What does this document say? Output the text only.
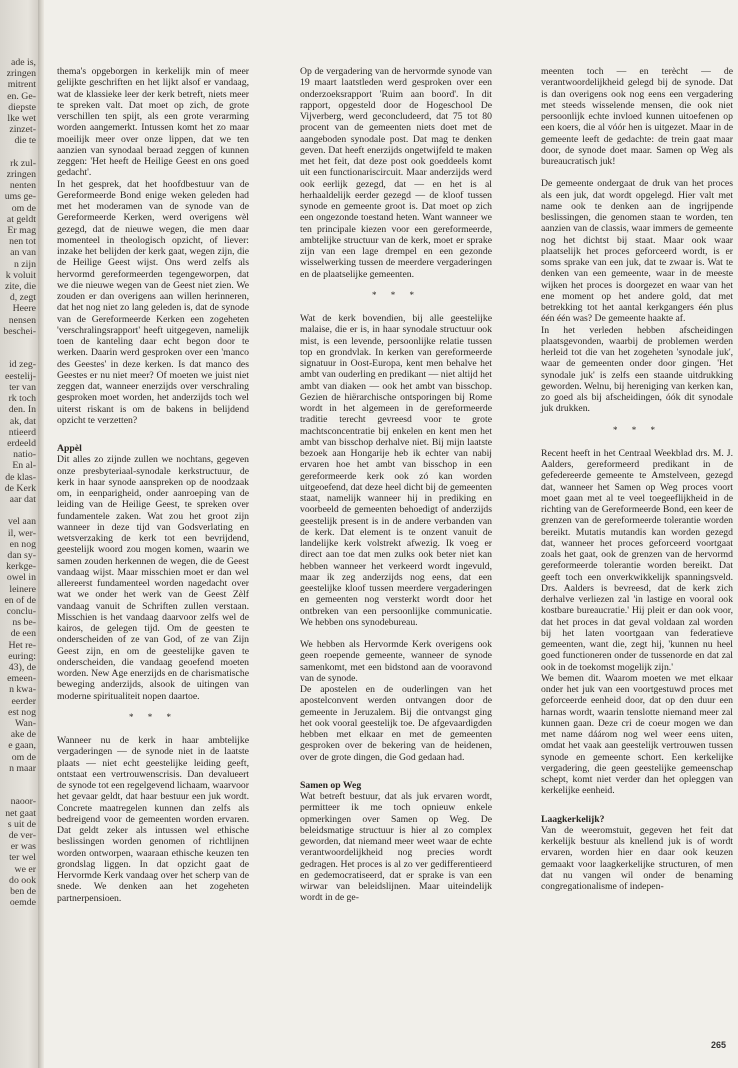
ade is,
zringen
mitrent
en. Ge-
diepste
lke wet
zinzet-
die te

rk zul-
zringen
nenten
ums ge-
om de
at geldt
Er mag
nen tot
an van
n zijn
k voluit
zite, die
d, zegt
Heere
nensen
beschei-

id zeg-
eestelij-
ter van
rk toch
den. In
ak, dat
ntieerd
erdeeld
natio-
En al-
de klas-
de Kerk
aar dat

vel aan
il, wer-
en nog
dan sy-
kerkge-
owel in
leinere
en of de
conclu-
ns be-
de een
Het re-
euring:
43), de
emeen-
n kwa-
eerder
est nog
Wan-
ake de
e gaan,
om de
n maar

naoor-
net gaat
s uit de
de ver-
er was
ter wel
we er
do ook
ben de
oemde

thema's opgeborgen in kerkelijk min of meer gelijkte geschriften en het lijkt alsof er vandaag, wat de klassieke leer der kerk betreft, niets meer te spreken valt. Dat moet op zich, de grote verschillen ten spijt, als een grote verarming worden aangemerkt. Intussen komt het zo maar moeilijk meer over onze lippen, dat we ten aanzien van synodaal beraad zeggen of kunnen zeggen: 'Het heeft de Heilige Geest en ons goed gedacht'.

In het gesprek, dat het hoofdbestuur van de Gereformeerde Bond enige weken geleden had met het moderamen van de synode van de Gereformeerde Kerken, werd overigens wèl gezegd, dat de nieuwe wegen, die men daar momenteel in theologisch opzicht, of liever: inzake het belijden der kerk gaat, wegen zijn, die de Heilige Geest wijst. Ons werd zelfs als hervormd gereformeerden tegengeworpen, dat we die nieuwe wegen van de Geest niet zien. We zouden er dan overigens aan willen herinneren, dat het nog niet zo lang geleden is, dat de synode van de Gereformeerde Kerken een zogeheten 'verschralingsrapport' heeft uitgegeven, namelijk toen de kanteling daar echt begon door te werken. Daarin werd gesproken over een 'manco des Geestes' in deze kerken. Is dat manco des Geestes er nu niet meer? Of moeten we juist niet zeggen dat, wanneer enerzijds over verschraling gesproken moet worden, het anderzijds toch wel uiterst riskant is om de bakens in belijdend opzicht te verzetten?

Appèl

Dit alles zo zijnde zullen we nochtans, gegeven onze presbyteriaal-synodale kerkstructuur, de kerk in haar synode aanspreken op de noodzaak om, in eenparigheid, onder aanroeping van de leiding van de Heilige Geest, te spreken over fundamentele zaken. Wat zou het groot zijn wanneer in deze tijd van Godsverlating en wetsverzaking de kerk tot een bevrijdend, geestelijk woord zou mogen komen, waarin we samen zouden herkennen de wegen, die de Geest vandaag wijst. Maar misschien moet er dan wel allereerst fundamenteel worden nagedacht over wat we onder het werk van de Geest Zèlf vandaag vanuit de Schriften zullen verstaan. Misschien is het vandaag daarvoor zelfs wel de kairos, de gelegen tijd. Om de geesten te onderscheiden of ze van God, of ze van Zijn Geest zijn, en om de geestelijke gaven te onderscheiden, die vandaag geoefend moeten worden. New Age enerzijds en de charismatische beweging anderzijds, alsook de uitingen van moderne spiritualiteit nopen daartoe.

* * *

Wanneer nu de kerk in haar ambtelijke vergaderingen — de synode niet in de laatste plaats — niet echt geestelijke leiding geeft, ontstaat een vertrouwenscrisis. Dan devalueert de synode tot een regelgevend lichaam, waarvoor het gevaar geldt, dat haar bestuur een juk wordt. Concrete maatregelen kunnen dan zelfs als bedreigend voor de gemeenten worden ervaren. Dat geldt zeker als intussen wel ethische beslissingen worden genomen of richtlijnen worden ontworpen, waaraan ethische keuzen ten grondslag liggen. In dat opzicht gaat de Hervormde Kerk vandaag over het scherp van de snede. We denken aan het zogeheten partnerpensioen.

Op de vergadering van de hervormde synode van 19 maart laatstleden werd gesproken over een onderzoeksrapport 'Ruim aan boord'. In dit rapport, opgesteld door de Hogeschool De Vijverberg, werd geconcludeerd, dat 75 tot 80 procent van de gemeenten niets doet met de aangeboden synodale post. Dat mag te denken geven. Dat heeft enerzijds ongetwijfeld te maken met het feit, dat deze post ook goeddeels komt uit een functionariscircuit. Maar anderzijds werd ook eerlijk gezegd, dat — en het is al herhaaldelijk eerder gezegd — de kloof tussen synode en gemeente groot is. Dat moet op zich een ongezonde toestand heten. Want wanneer we ten principale kiezen voor een gereformeerde, ambtelijke structuur van de kerk, moet er sprake zijn van een lage drempel en een gezonde wisselwerking tussen de meerdere vergaderingen en de plaatselijke gemeenten.

* * *

Wat de kerk bovendien, bij alle geestelijke malaise, die er is, in haar synodale structuur ook mist, is een levende, persoonlijke relatie tussen top en grondvlak. In kerken van gereformeerde signatuur in Oost-Europa, kent men behalve het ambt van ouderling en predikant — niet altijd het ambt van diaken — ook het ambt van bisschop. Gezien de hiërarchische ontsporingen bij Rome wordt in het algemeen in de gereformeerde traditie terecht gevreesd voor te grote machtsconcentratie bij enkelen en kent men het ambt van bisschop derhalve niet. Bij mijn laatste bezoek aan Hongarije heb ik echter van nabij ervaren hoe het ambt van bisschop in een gereformeerde kerk ook zó kan worden uitgeoefend, dat deze heel dicht bij de gemeenten staat, namelijk wanneer hij in prediking en voorbeeld de gemeenten behoedigt of anderzijds geestelijk present is in de andere verbanden van de kerk. Dat element is te onzent vanuit de landelijke kerk volstrekt afwezig. Ik voeg er direct aan toe dat men zulks ook beter niet kan hebben wanneer het verkeerd wordt ingevuld, maar ik zeg anderzijds nog eens, dat een geestelijke kloof tussen meerdere vergaderingen en gemeenten nog versterkt wordt door het ontbreken van een persoonlijke communicatie. We hebben ons synodebureau.

We hebben als Hervormde Kerk overigens ook geen roepende gemeente, wanneer de synode samenkomt, met een bidstond aan de vooravond van de synode.

De apostelen en de ouderlingen van het apostelconvent werden ontvangen door de gemeente in Jeruzalem. Bij die ontvangst ging het ook vooral geestelijk toe. De afgevaardigden hebben met elkaar en met de gemeenten gesproken over de bekering van de heidenen, over de grote dingen, die God gedaan had.

Samen op Weg

Wat betreft bestuur, dat als juk ervaren wordt, permitteer ik me toch opnieuw enkele opmerkingen over Samen op Weg. De beleidsmatige structuur is hier al zo complex geworden, dat niemand meer weet waar de echte verantwoordelijkheid nog precies wordt gedragen. Het proces is al zo ver gedifferentieerd en gedemocratiseerd, dat er sprake is van een wirwar van beleidslijnen. Maar uiteindelijk wordt in de ge-

meenten toch — en terècht — de verantwoordelijkheid gelegd bij de synode. Dat is dan overigens ook nog eens een vergadering met steeds wisselende mensen, die ook niet persoonlijk echte invloed kunnen uitoefenen op een koers, die al vóór hen is uitgezet. Maar in de gemeente leeft de gedachte: de trein gaat maar door, de synode doet maar. Samen op Weg als bureaucratisch juk!

De gemeente ondergaat de druk van het proces als een juk, dat wordt opgelegd. Hier valt met name ook te denken aan de ingrijpende beslissingen, die genomen staan te worden, ten aanzien van de classis, waar immers de gemeente nog het dichtst bij staat. Maar ook waar plaatselijk het proces geforceerd wordt, is er soms sprake van een juk, dat te zwaar is. Wat te denken van een gemeente, waar in de meeste wijken het proces is doorgezet en waar van het ene moment op het andere gold, dat met betrekking tot het aantal kerkgangers één plus één één was? De gemeente haakte af.

In het verleden hebben afscheidingen plaatsgevonden, waarbij de problemen werden herleid tot die van het zogeheten 'synodale juk', waar de gemeenten onder door gingen. 'Het synodale juk' is zelfs een staande uitdrukking geworden. Welnu, bij hereniging van kerken kan, zo goed als bij afscheidingen, óók dit synodale juk drukken.

* * *

Recent heeft in het Centraal Weekblad drs. M. J. Aalders, gereformeerd predikant in de gefedereerde gemeente te Amstelveen, gezegd dat, wanneer het Samen op Weg proces voort moet gaan met al te veel toegeeflijkheid in de richting van de Gereformeerde Bond, een keer de grenzen van de gereformeerde tolerantie worden bereikt. Mutatis mutandis kan worden gezegd dat, wanneer het proces geforceerd voortgaat zoals het gaat, ook de grenzen van de hervormd gereformeerde tolerantie worden bereikt. Dat geeft toch een onverkwikkelijk spanningsveld. Drs. Aalders is bevreesd, dat de kerk zich derhalve verliezen zal 'in lastige en vooral ook kostbare bureaucratie.' Hij pleit er dan ook voor, dat het proces in dat geval voldaan zal worden bij het laten voortgaan van federatieve gemeenten, want die, zegt hij, 'kunnen nu heel goed functioneren onder de tussenorde en dat zal ook in de toekomst mogelijk zijn.'

We bemen dit. Waarom moeten we met elkaar onder het juk van een voortgestuwd proces met geforceerde eenheid door, dat op den duur een harnas wordt, waarin tenslotte niemand meer zal kunnen gaan. Deze cri de coeur mogen we dan met name dáárom nog wel weer eens uiten, omdat het vaak aan geestelijk vertrouwen tussen synode en gemeente schort. Een kerkelijke vergadering, die geen geestelijke gemeenschap schept, komt niet verder dan het opleggen van kerkelijke eenheid.

Laagkerkelijk?

Van de weeromstuit, gegeven het feit dat kerkelijk bestuur als knellend juk is of wordt ervaren, worden hier en daar ook keuzen gemaakt voor laagkerkelijke structuren, of men dat nu vangen wil onder de benaming congregationalisme of indepen-

265
